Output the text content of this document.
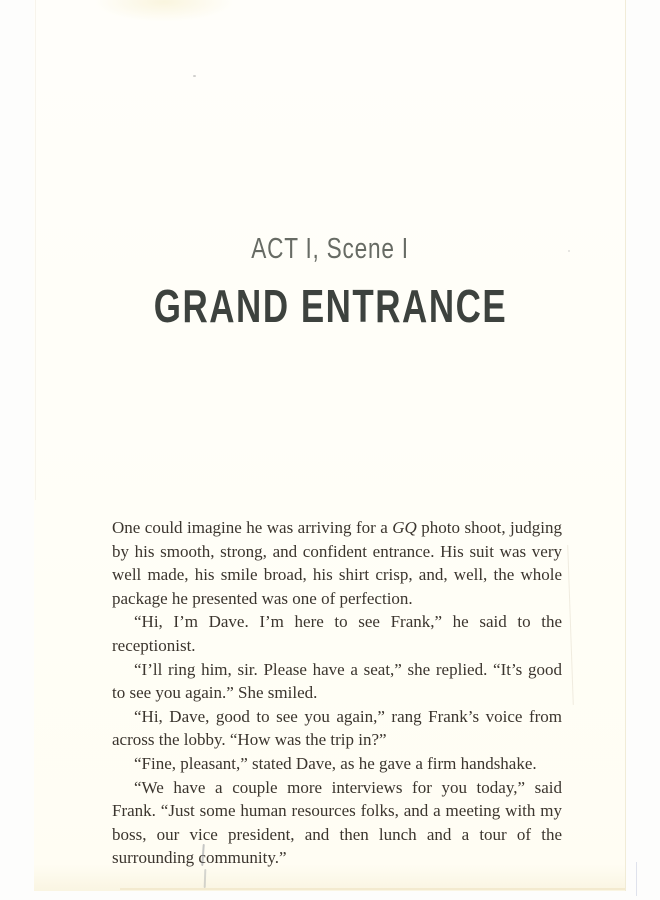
ACT I, Scene I
GRAND ENTRANCE

One could imagine he was arriving for a GQ photo shoot, judging by his smooth, strong, and confident entrance. His suit was very well made, his smile broad, his shirt crisp, and, well, the whole package he presented was one of perfection.

“Hi, I’m Dave. I’m here to see Frank,” he said to the receptionist.

“I’ll ring him, sir. Please have a seat,” she replied. “It’s good to see you again.” She smiled.

“Hi, Dave, good to see you again,” rang Frank’s voice from across the lobby. “How was the trip in?”

“Fine, pleasant,” stated Dave, as he gave a firm handshake.

“We have a couple more interviews for you today,” said Frank. “Just some human resources folks, and a meeting with my boss, our vice president, and then lunch and a tour of the surrounding community.”
